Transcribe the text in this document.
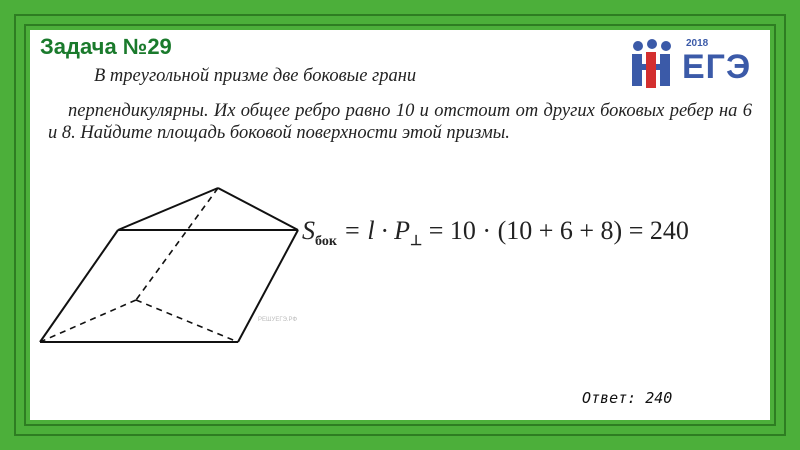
Задача №29	2018
ЕГЭ
В треугольной призме две боковые грани
перпендикулярны. Их общее ребро равно 10 и отстоит от других боковых ребер на 6 и 8. Найдите площадь боковой поверхности этой призмы.
РЕШУЕГЭ.РФ
$S_{бок} = l \cdot P_\perp = 10 \cdot (10 + 6 + 8) = 240$
Ответ: 240
